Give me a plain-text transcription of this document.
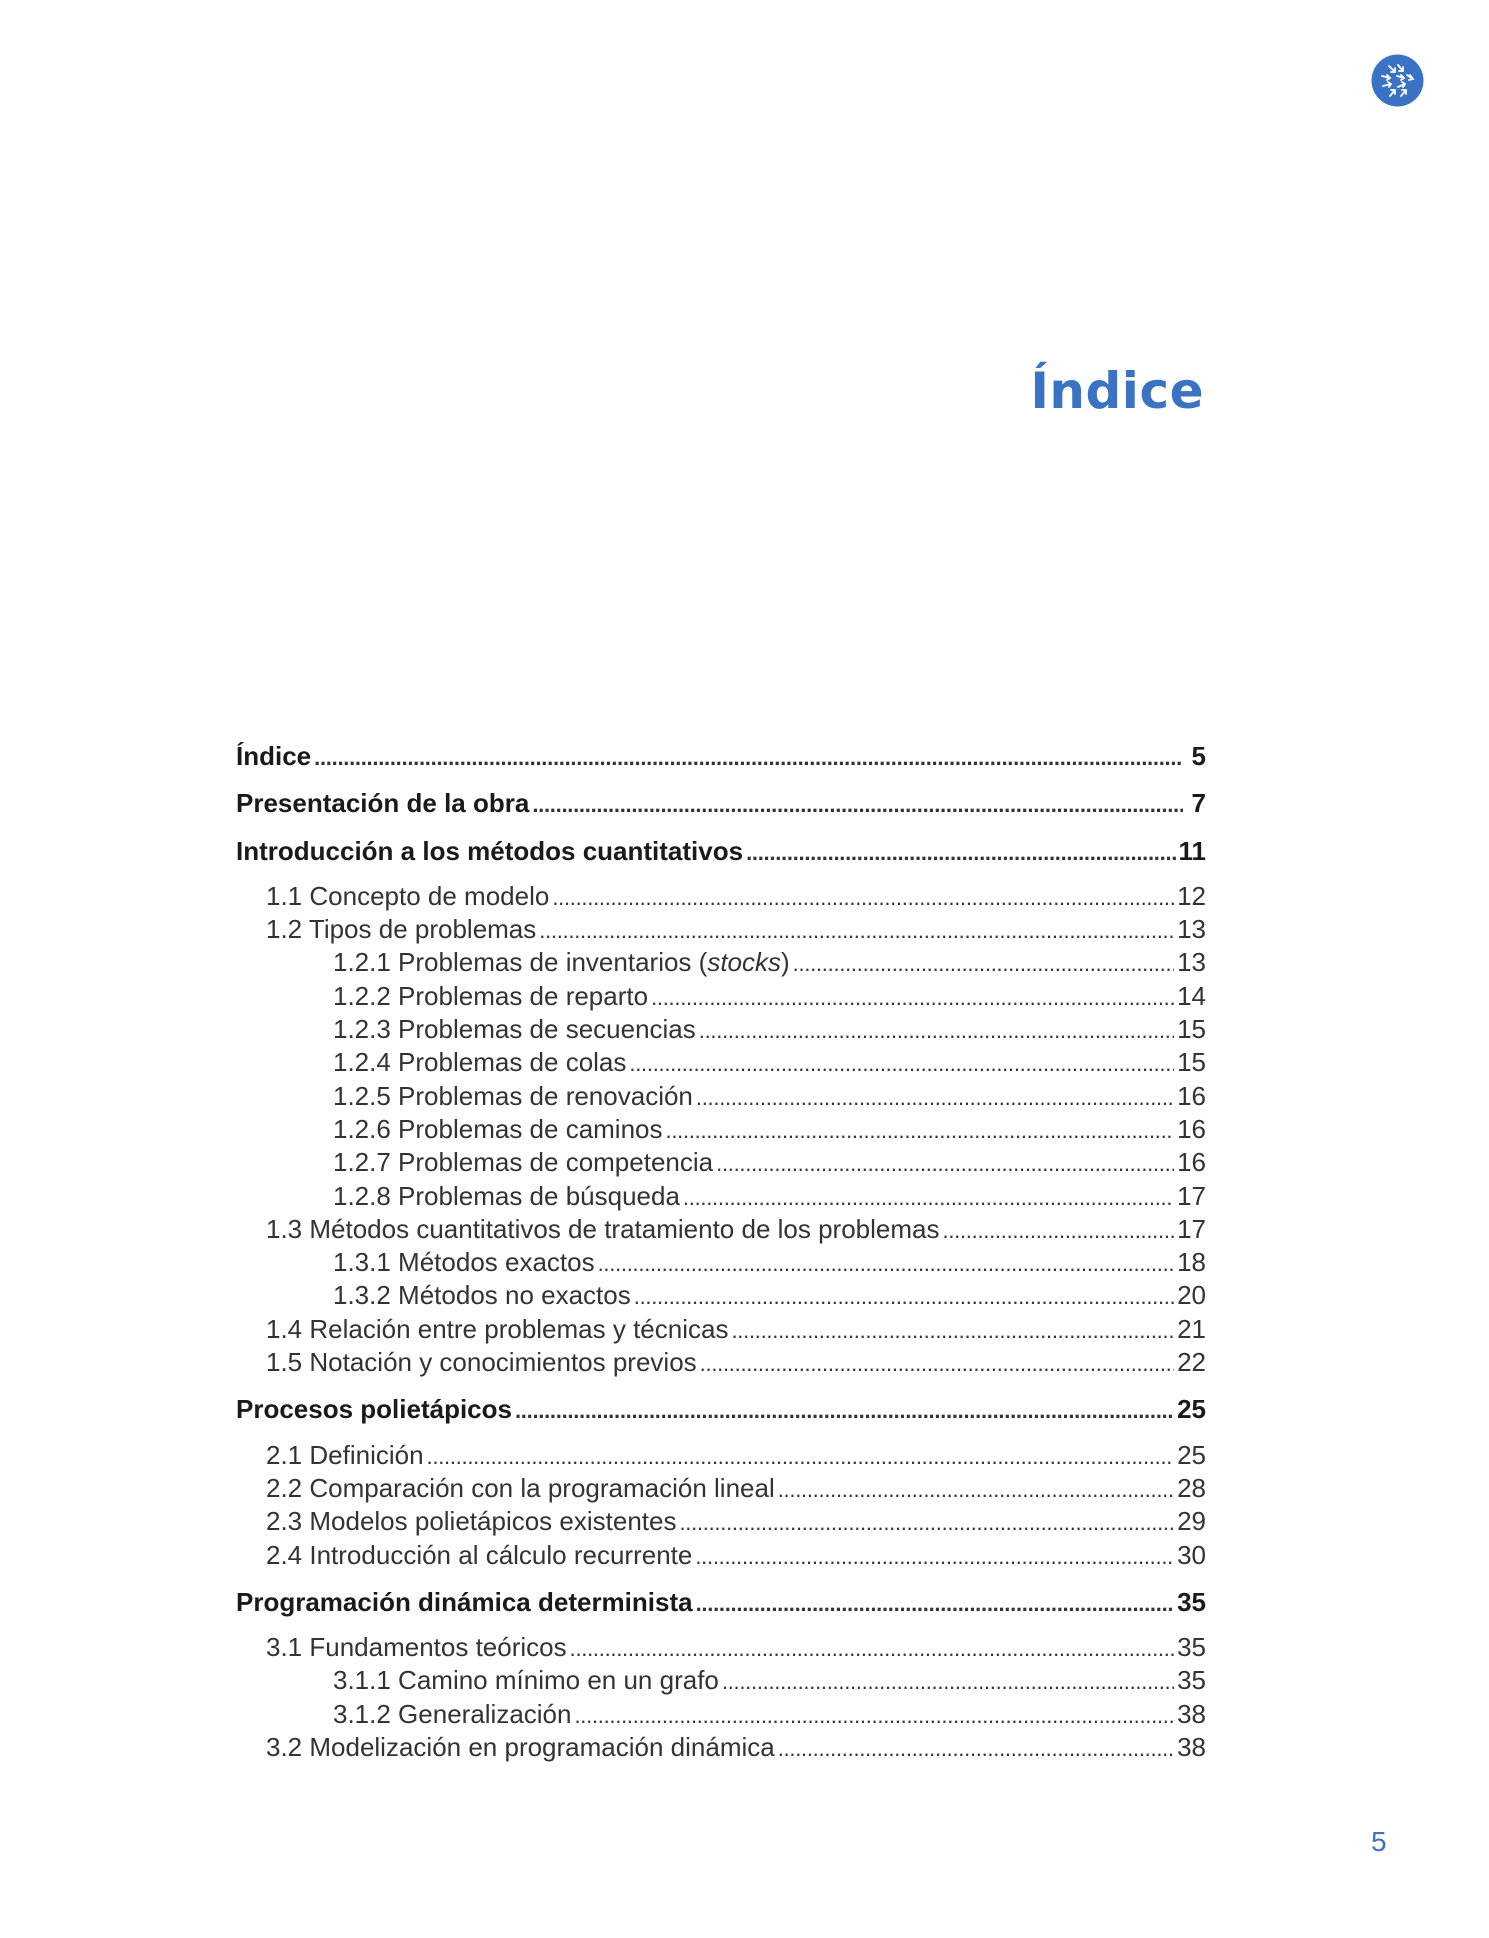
Índice
Índice . . .	5
Presentación de la obra . . .	7
Introducción a los métodos cuantitativos . . .	11
1.1 Concepto de modelo . . .	12
1.2 Tipos de problemas . . .	13
1.2.1 Problemas de inventarios (stocks) . . .	13
1.2.2 Problemas de reparto . . .	14
1.2.3 Problemas de secuencias . . .	15
1.2.4 Problemas de colas . . .	15
1.2.5 Problemas de renovación . . .	16
1.2.6 Problemas de caminos . . .	16
1.2.7 Problemas de competencia . . .	16
1.2.8 Problemas de búsqueda . . .	17
1.3 Métodos cuantitativos de tratamiento de los problemas . . .	17
1.3.1 Métodos exactos . . .	18
1.3.2 Métodos no exactos . . .	20
1.4 Relación entre problemas y técnicas . . .	21
1.5 Notación y conocimientos previos . . .	22
Procesos polietápicos . . .	25
2.1 Definición . . .	25
2.2 Comparación con la programación lineal . . .	28
2.3 Modelos polietápicos existentes . . .	29
2.4 Introducción al cálculo recurrente . . .	30
Programación dinámica determinista . . .	35
3.1 Fundamentos teóricos . . .	35
3.1.1 Camino mínimo en un grafo . . .	35
3.1.2 Generalización . . .	38
3.2 Modelización en programación dinámica . . .	38

5
